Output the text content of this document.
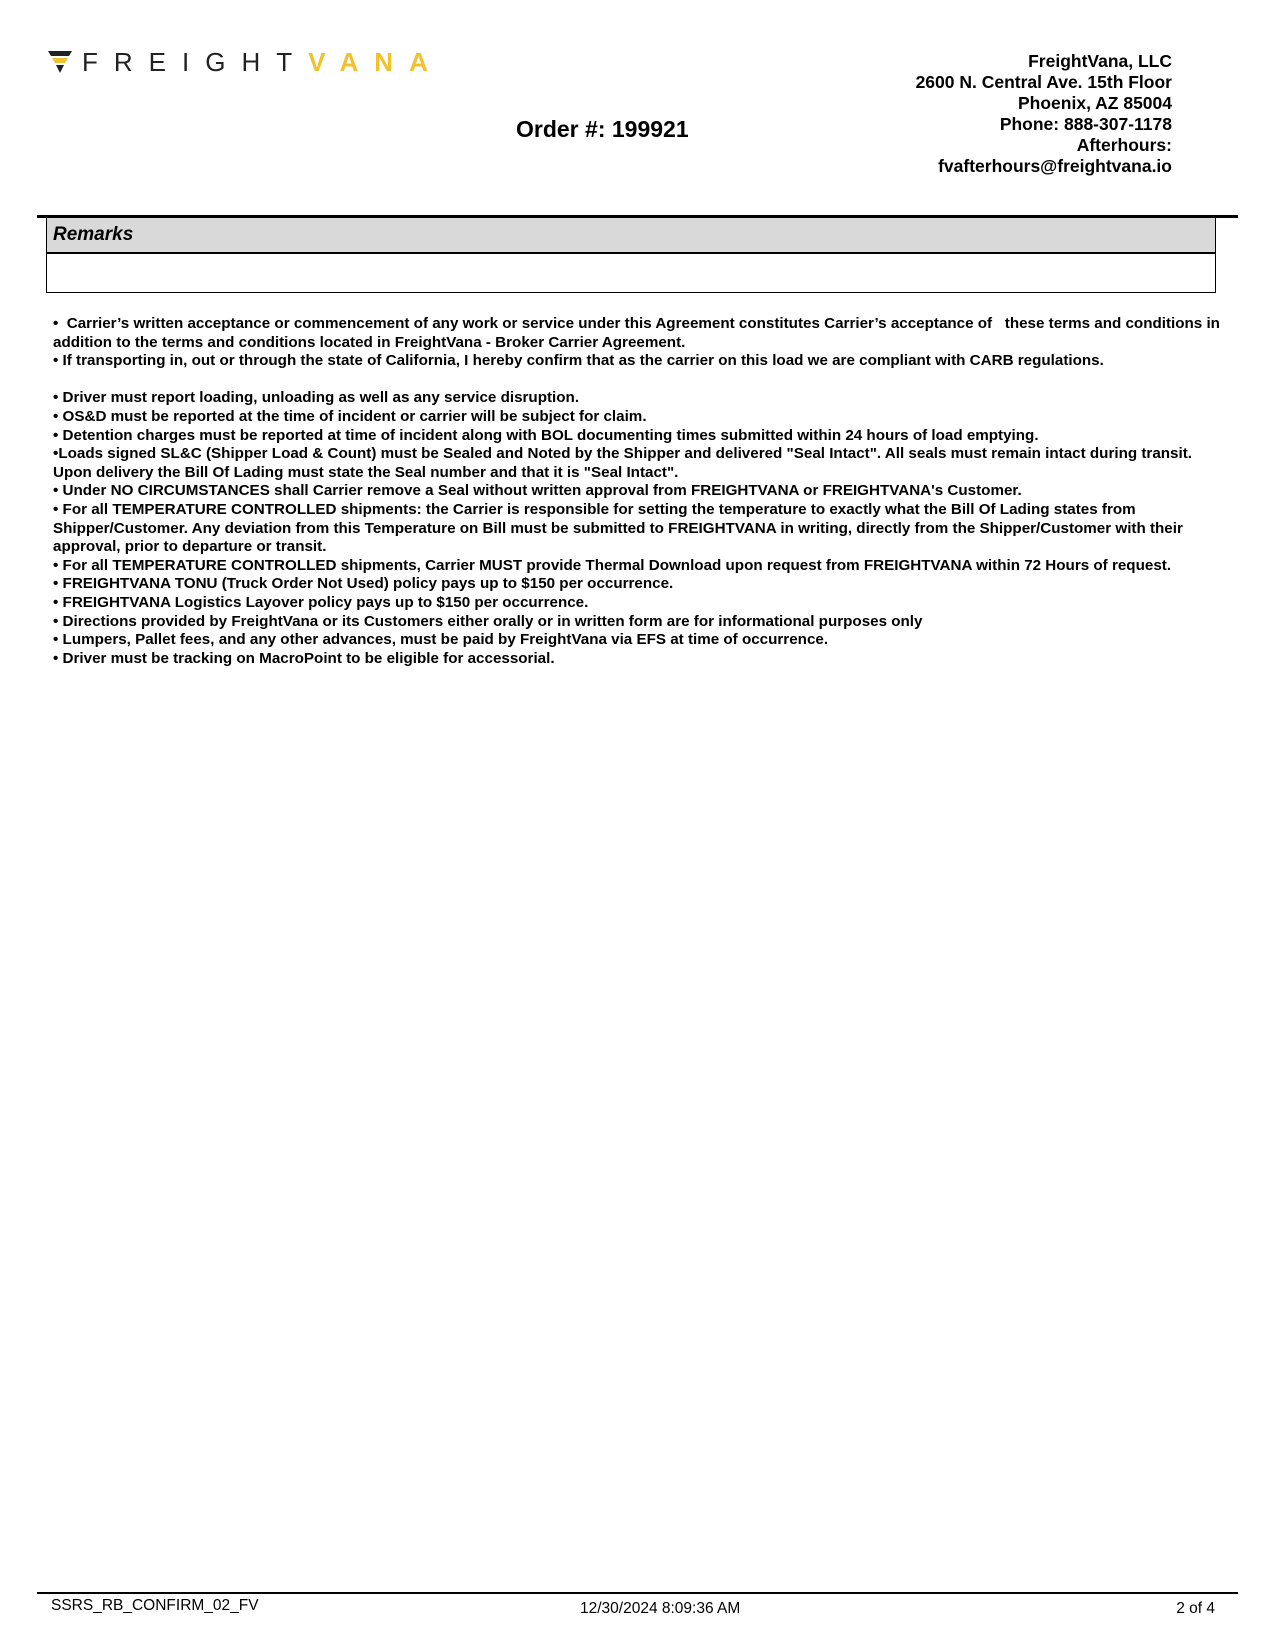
FREIGHTVANA	FreightVana, LLC
2600 N. Central Ave. 15th Floor
Phoenix, AZ 85004
Phone: 888-307-1178
Afterhours:
fvafterhours@freightvana.io
Order #: 199921
Remarks

•  Carrier’s written acceptance or commencement of any work or service under this Agreement constitutes Carrier’s acceptance of   these terms and conditions in addition to the terms and conditions located in FreightVana - Broker Carrier Agreement.

• If transporting in, out or through the state of California, I hereby confirm that as the carrier on this load we are compliant with CARB regulations.

• Driver must report loading, unloading as well as any service disruption.

• OS&D must be reported at the time of incident or carrier will be subject for claim.

• Detention charges must be reported at time of incident along with BOL documenting times submitted within 24 hours of load emptying.

•Loads signed SL&C (Shipper Load & Count) must be Sealed and Noted by the Shipper and delivered "Seal Intact". All seals must remain intact during transit. Upon delivery the Bill Of Lading must state the Seal number and that it is "Seal Intact".

• Under NO CIRCUMSTANCES shall Carrier remove a Seal without written approval from FREIGHTVANA or FREIGHTVANA's Customer.

• For all TEMPERATURE CONTROLLED shipments: the Carrier is responsible for setting the temperature to exactly what the Bill Of Lading states from   Shipper/Customer. Any deviation from this Temperature on Bill must be submitted to FREIGHTVANA in writing, directly from the Shipper/Customer with their approval, prior to departure or transit.

• For all TEMPERATURE CONTROLLED shipments, Carrier MUST provide Thermal Download upon request from FREIGHTVANA within 72 Hours of request.

• FREIGHTVANA TONU (Truck Order Not Used) policy pays up to $150 per occurrence.

• FREIGHTVANA Logistics Layover policy pays up to $150 per occurrence.

• Directions provided by FreightVana or its Customers either orally or in written form are for informational purposes only

• Lumpers, Pallet fees, and any other advances, must be paid by FreightVana via EFS at time of occurrence.

• Driver must be tracking on MacroPoint to be eligible for accessorial.

SSRS_RB_CONFIRM_02_FV	12/30/2024 8:09:36 AM	2 of 4
